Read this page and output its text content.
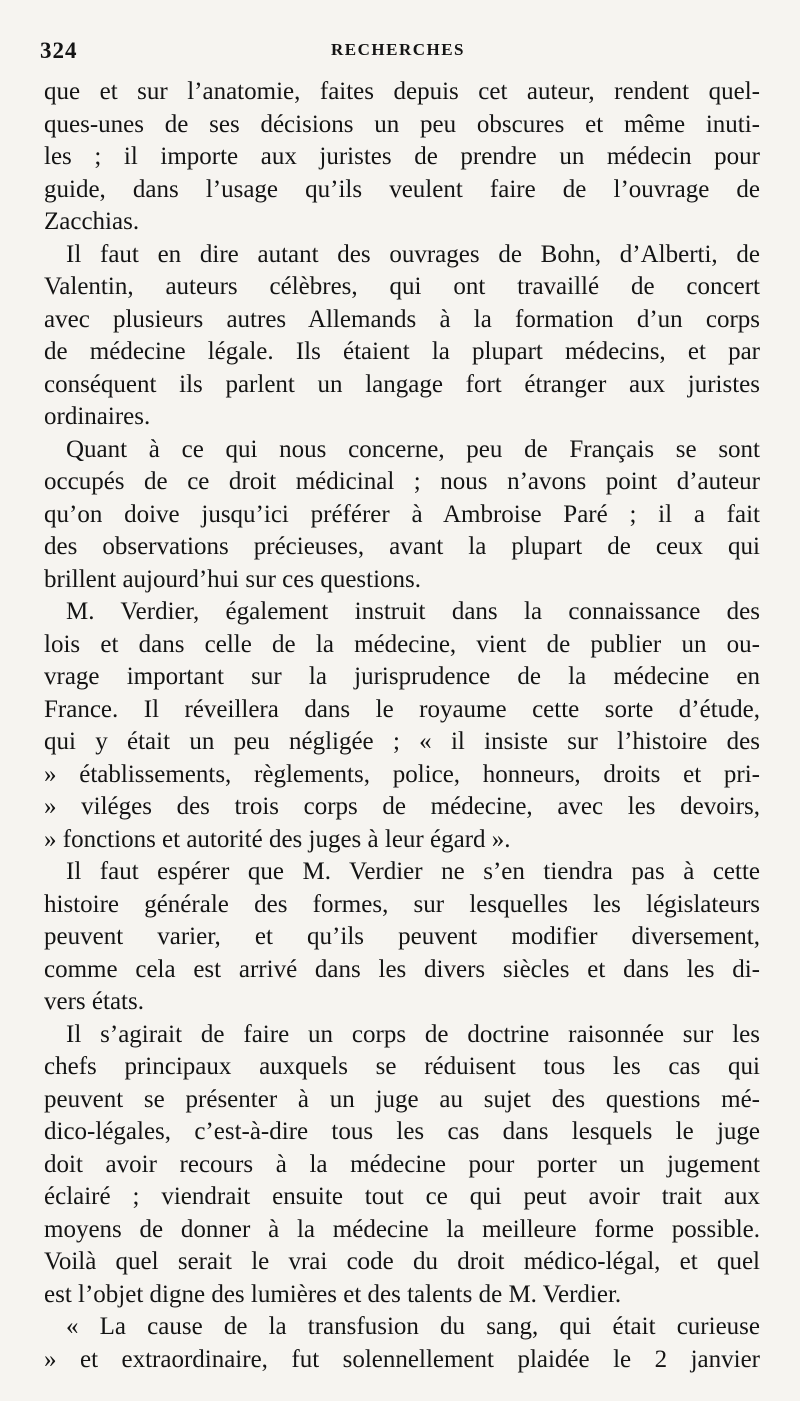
324	RECHERCHES
que et sur l’anatomie, faites depuis cet auteur, rendent quel-
ques-unes de ses décisions un peu obscures et même inuti-
les ; il importe aux juristes de prendre un médecin pour
guide, dans l’usage qu’ils veulent faire de l’ouvrage de
Zacchias.
Il faut en dire autant des ouvrages de Bohn, d’Alberti, de
Valentin, auteurs célèbres, qui ont travaillé de concert
avec plusieurs autres Allemands à la formation d’un corps
de médecine légale. Ils étaient la plupart médecins, et par
conséquent ils parlent un langage fort étranger aux juristes
ordinaires.
Quant à ce qui nous concerne, peu de Français se sont
occupés de ce droit médicinal ; nous n’avons point d’auteur
qu’on doive jusqu’ici préférer à Ambroise Paré ; il a fait
des observations précieuses, avant la plupart de ceux qui
brillent aujourd’hui sur ces questions.
M. Verdier, également instruit dans la connaissance des
lois et dans celle de la médecine, vient de publier un ou-
vrage important sur la jurisprudence de la médecine en
France. Il réveillera dans le royaume cette sorte d’étude,
qui y était un peu négligée ; « il insiste sur l’histoire des
» établissements, règlements, police, honneurs, droits et pri-
» viléges des trois corps de médecine, avec les devoirs,
» fonctions et autorité des juges à leur égard ».
Il faut espérer que M. Verdier ne s’en tiendra pas à cette
histoire générale des formes, sur lesquelles les législateurs
peuvent varier, et qu’ils peuvent modifier diversement,
comme cela est arrivé dans les divers siècles et dans les di-
vers états.
Il s’agirait de faire un corps de doctrine raisonnée sur les
chefs principaux auxquels se réduisent tous les cas qui
peuvent se présenter à un juge au sujet des questions mé-
dico-légales, c’est-à-dire tous les cas dans lesquels le juge
doit avoir recours à la médecine pour porter un jugement
éclairé ; viendrait ensuite tout ce qui peut avoir trait aux
moyens de donner à la médecine la meilleure forme possible.
Voilà quel serait le vrai code du droit médico-légal, et quel
est l’objet digne des lumières et des talents de M. Verdier.
« La cause de la transfusion du sang, qui était curieuse
» et extraordinaire, fut solennellement plaidée le 2 janvier
